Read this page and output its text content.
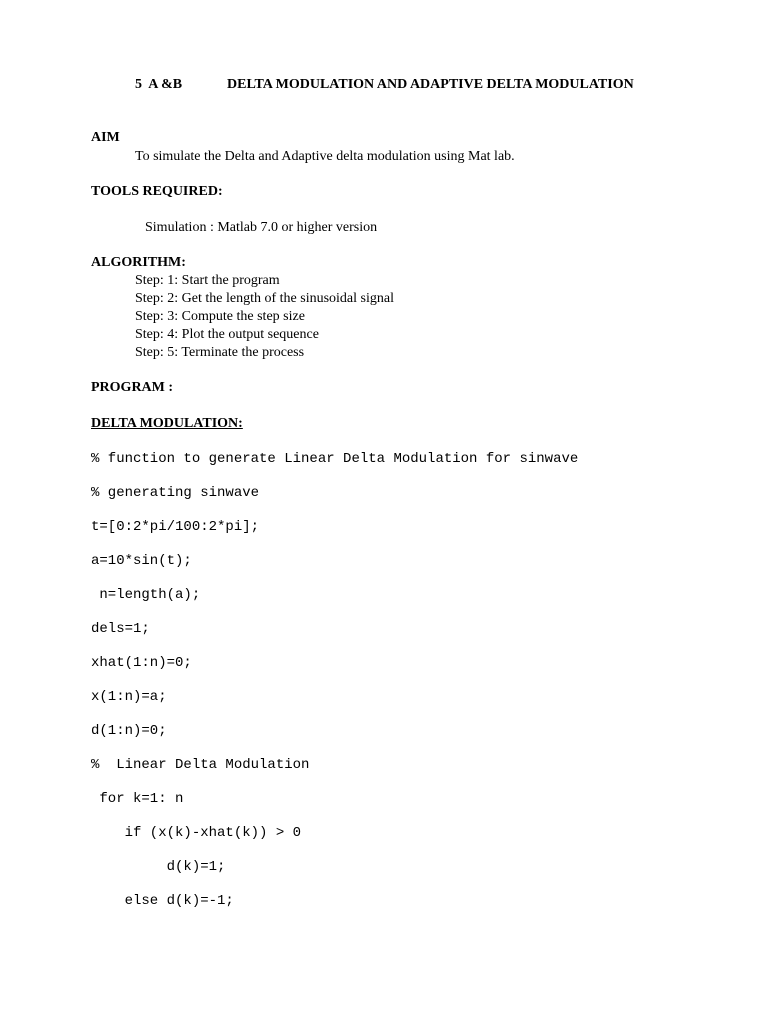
5  A &B	DELTA MODULATION AND ADAPTIVE DELTA MODULATION
AIM
To simulate the Delta and Adaptive delta modulation using Mat lab.
TOOLS REQUIRED:
Simulation : Matlab 7.0 or higher version
ALGORITHM:
Step: 1: Start the program
Step: 2: Get the length of the sinusoidal signal
Step: 3: Compute the step size
Step: 4: Plot the output sequence
Step: 5: Terminate the process
PROGRAM :
DELTA MODULATION:
% function to generate Linear Delta Modulation for sinwave
% generating sinwave
t=[0:2*pi/100:2*pi];
a=10*sin(t);
n=length(a);
dels=1;
xhat(1:n)=0;
x(1:n)=a;
d(1:n)=0;
%  Linear Delta Modulation
for k=1: n
if (x(k)-xhat(k)) > 0
d(k)=1;
else d(k)=-1;
